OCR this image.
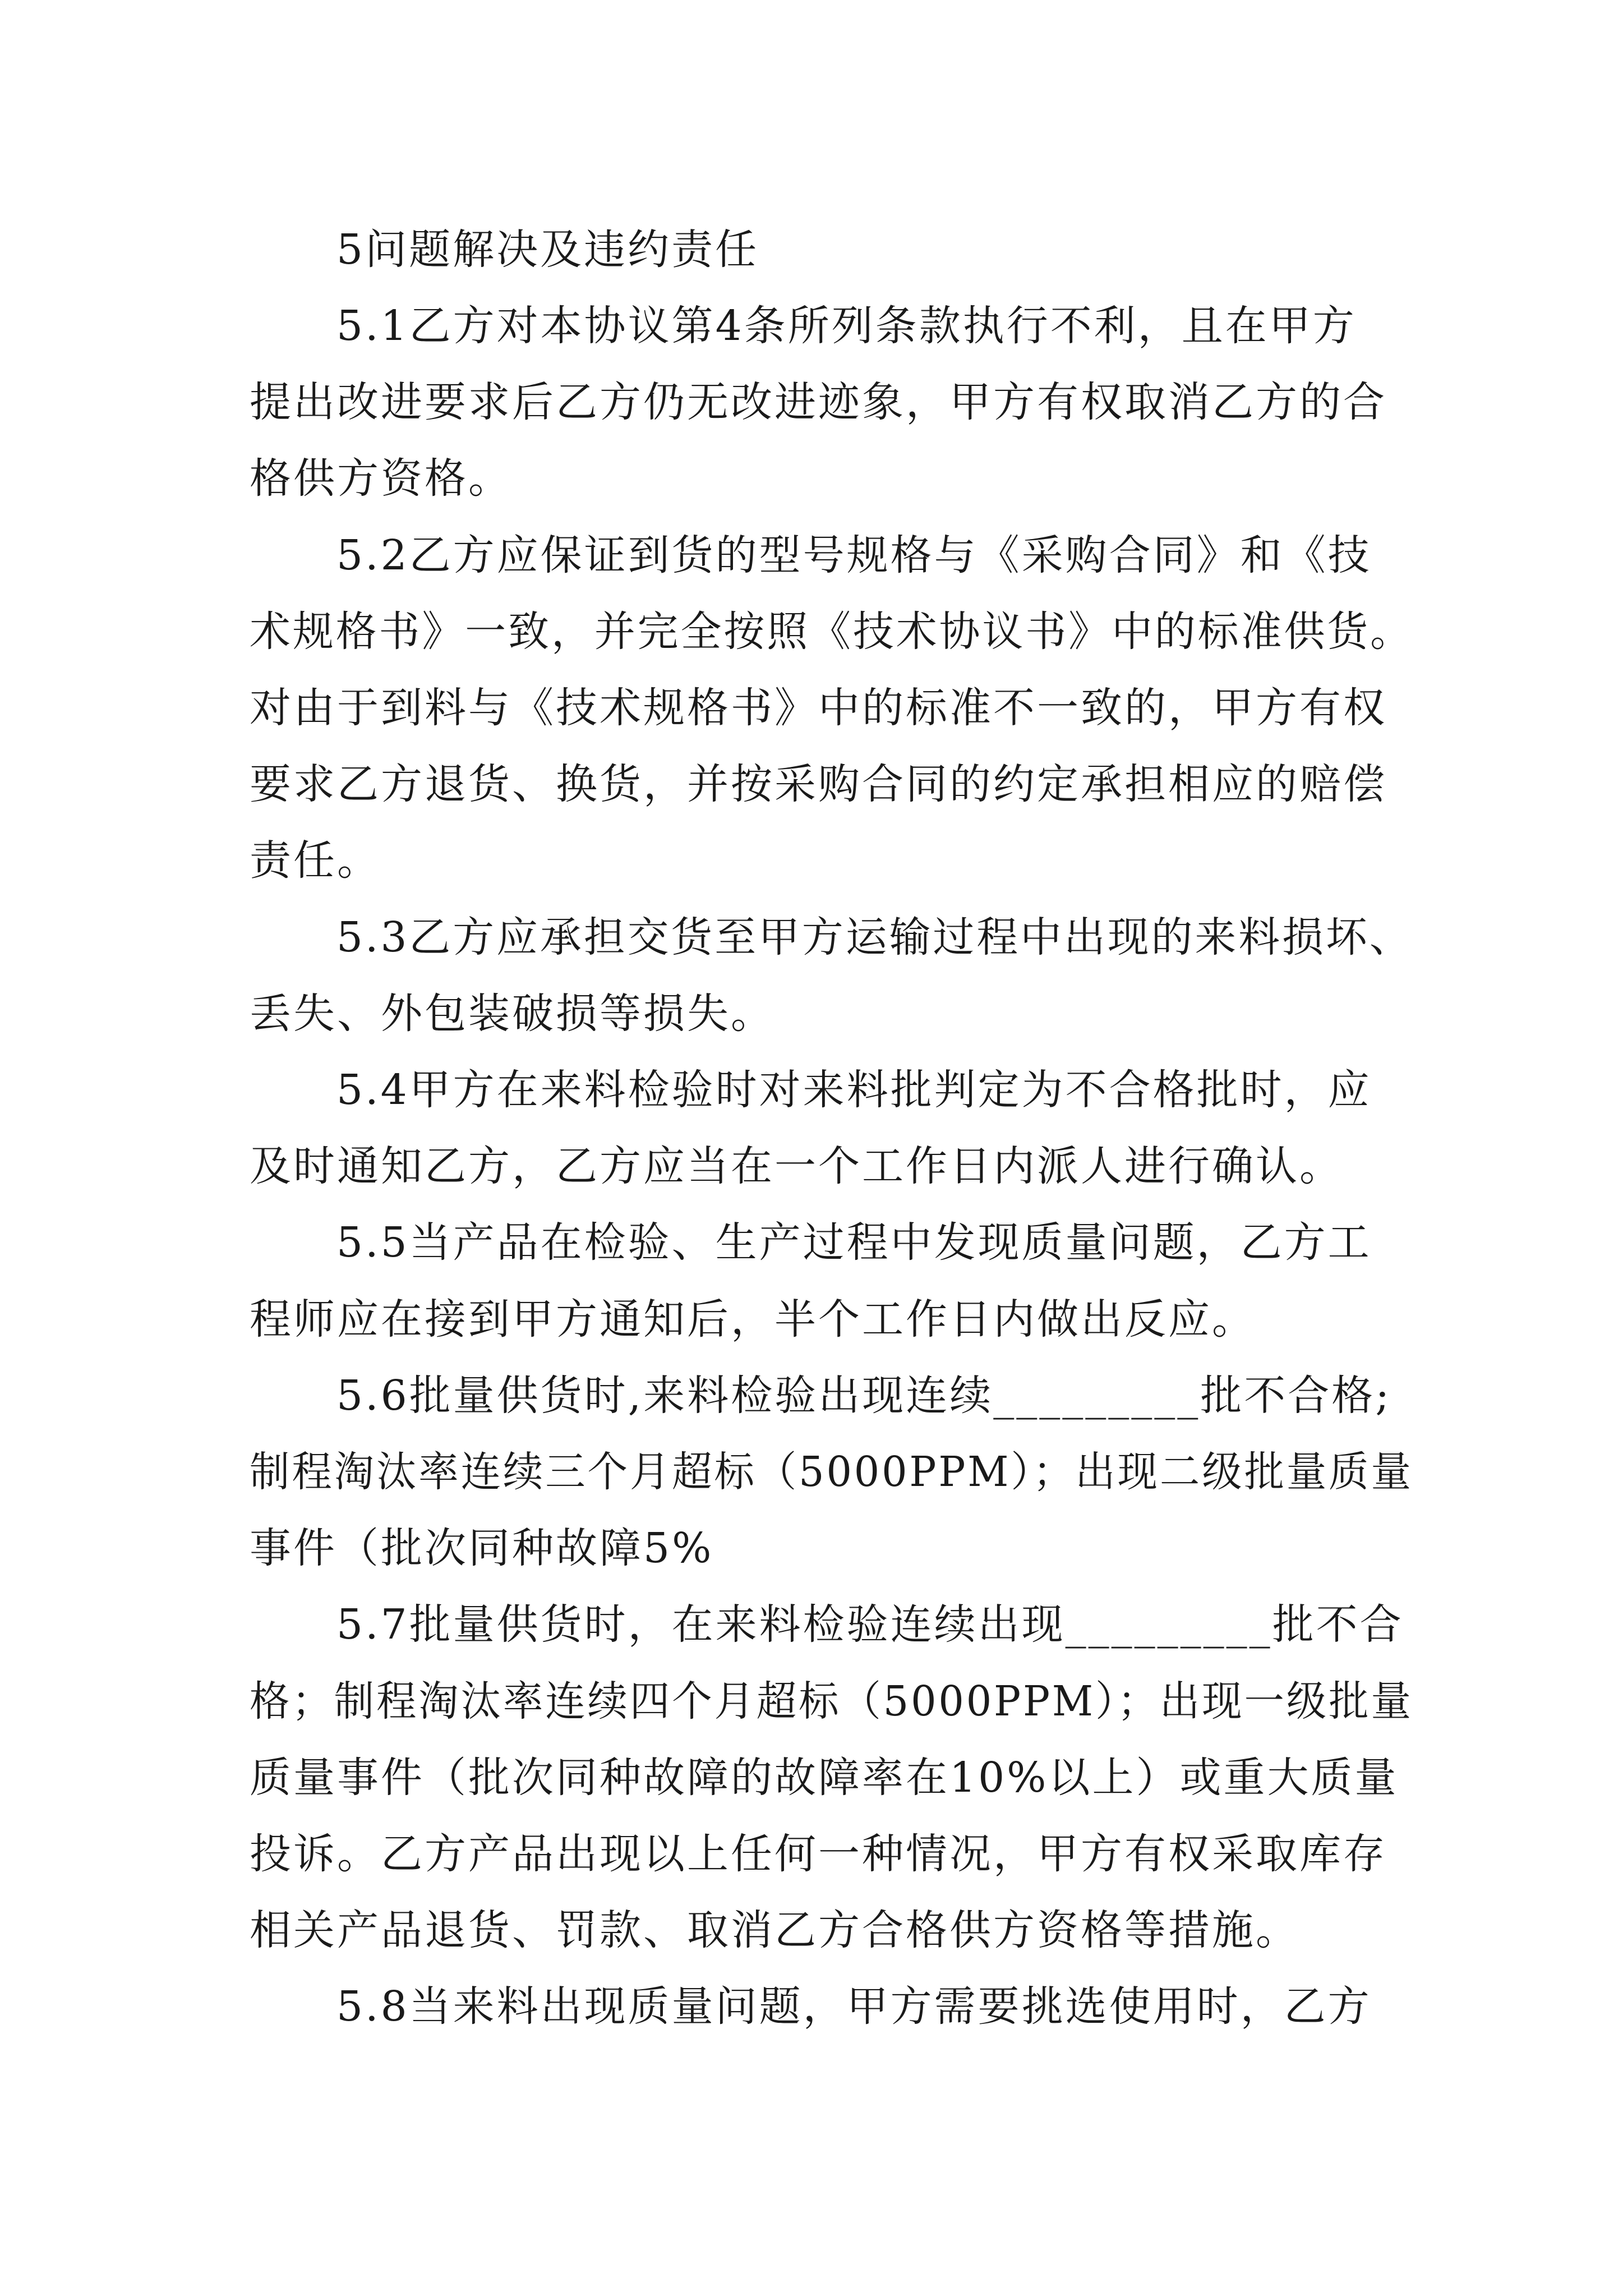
5问题解决及违约责任
5.1乙方对本协议第4条所列条款执行不利，且在甲方
提出改进要求后乙方仍无改进迹象，甲方有权取消乙方的合
格供方资格。
5.2乙方应保证到货的型号规格与《采购合同》和《技
术规格书》一致，并完全按照《技术协议书》中的标准供货。
对由于到料与《技术规格书》中的标准不一致的，甲方有权
要求乙方退货、换货，并按采购合同的约定承担相应的赔偿
责任。
5.3乙方应承担交货至甲方运输过程中出现的来料损坏、
丢失、外包装破损等损失。
5.4甲方在来料检验时对来料批判定为不合格批时，应
及时通知乙方，乙方应当在一个工作日内派人进行确认。
5.5当产品在检验、生产过程中发现质量问题，乙方工
程师应在接到甲方通知后，半个工作日内做出反应。
5.6批量供货时,来料检验出现连续_________批不合格;
制程淘汰率连续三个月超标（5000PPM）；出现二级批量质量
事件（批次同种故障5%
5.7批量供货时，在来料检验连续出现_________批不合
格；制程淘汰率连续四个月超标（5000PPM）；出现一级批量
质量事件（批次同种故障的故障率在10%以上）或重大质量
投诉。乙方产品出现以上任何一种情况，甲方有权采取库存
相关产品退货、罚款、取消乙方合格供方资格等措施。
5.8当来料出现质量问题，甲方需要挑选使用时，乙方
